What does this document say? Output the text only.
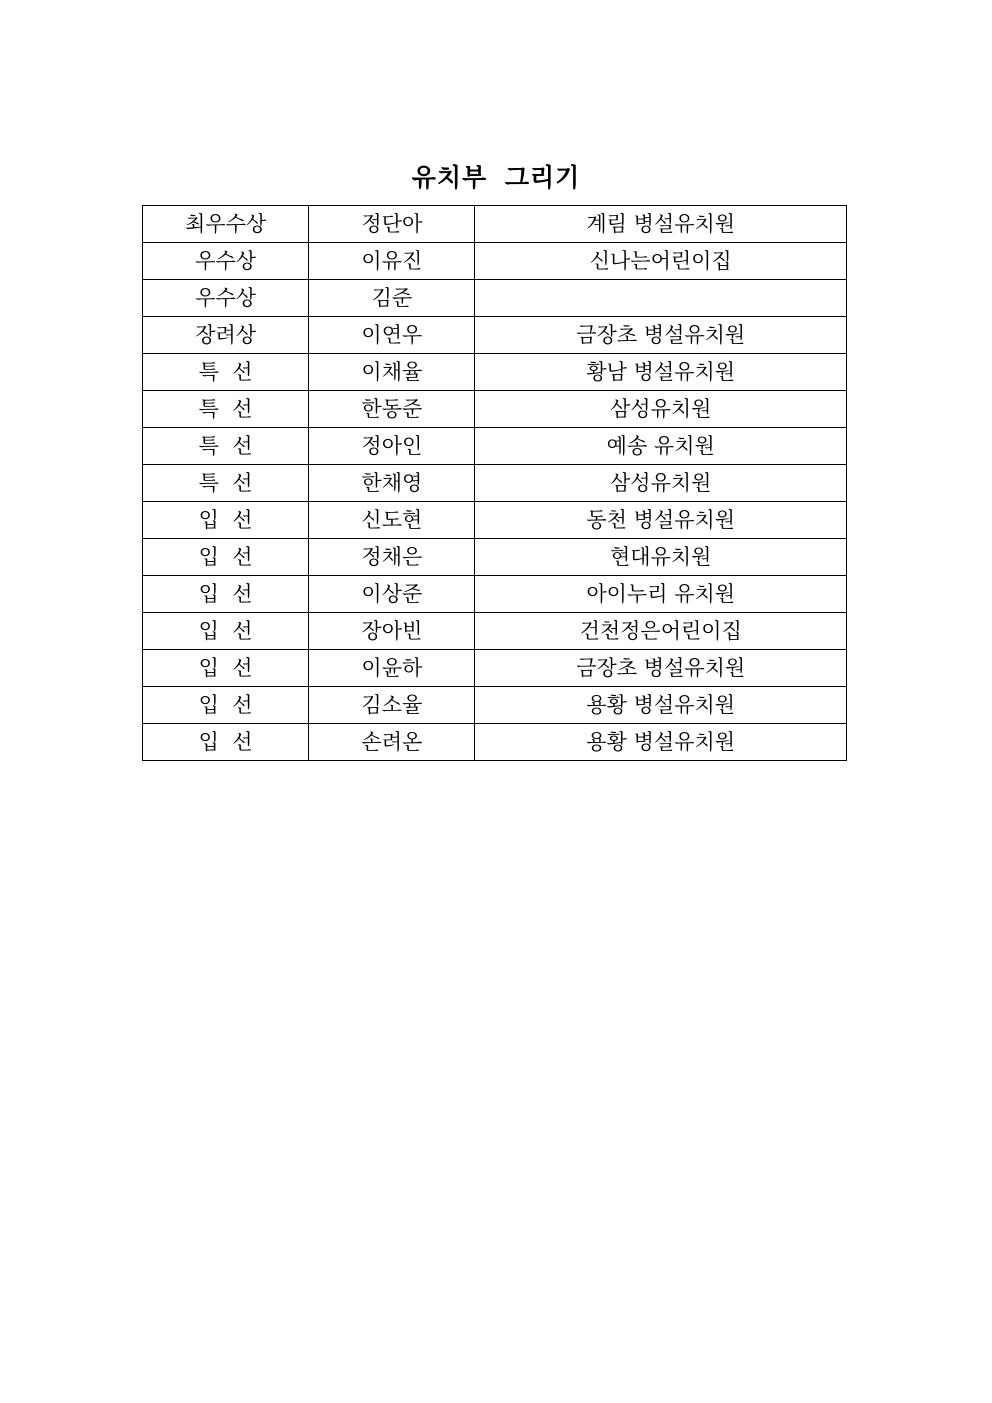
유치부 그리기
최우수상	정단아	계림 병설유치원
우수상	이유진	신나는어린이집
우수상	김준	
장려상	이연우	금장초 병설유치원
특  선	이채율	황남 병설유치원
특  선	한동준	삼성유치원
특  선	정아인	예송 유치원
특  선	한채영	삼성유치원
입  선	신도현	동천 병설유치원
입  선	정채은	현대유치원
입  선	이상준	아이누리 유치원
입  선	장아빈	건천정은어린이집
입  선	이윤하	금장초 병설유치원
입  선	김소율	용황 병설유치원
입  선	손려온	용황 병설유치원
